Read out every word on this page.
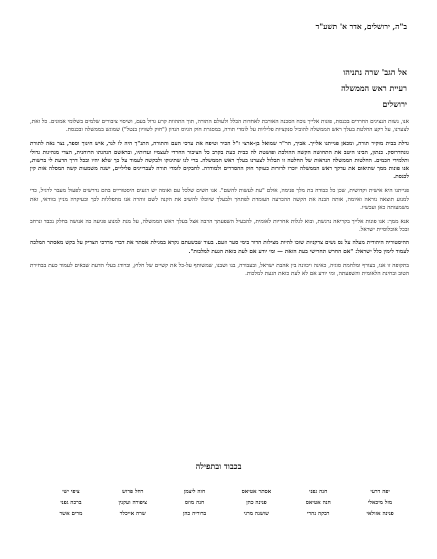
ב"ה, ירושלים, אדר א' תשע"ד
אל הגב' שרה נתניהו
רעיית ראש הממשלה
ירושלים

אנו, נשות הנציגים החרדים בכנסת, פונות אלייך נוכח הסכנה האורבת לאחדות הכלל ולעולם התורה, תוך התהוות קרע גדול בעם, ושיסוי ציבורים שלמים בשלומי אמונים. כל זאת, לצערנו, על רקע החלטת בעלך ראש הממשלה להוביל סנקציות פליליות על לומדי תורה, במסגרת חוק הגיוס הנדון ("חוק לשוויון בנטל") שמוגש בממשלה ובכנסת.

גדלת בבית מוקיר תורה, ומכאן פנייתנו אלייך. אביך, הר"ר שמואל בן-ארצי ז"ל הכיר וטיפח את ערכי העם והתורה, התנ"ך היה לו לנר, איש חינוך וספר, נצר נאה לתורת גונהדרוסק. כנתון, הבינו היטב את התחושה הקשה ההולכת ופושטת לה כבית כעת בקרב כל הציבור החרדי לעצמיו ועדותיו, ובראשם הנהגתו הרוחנית, הצדי מנהיגות גדולי ותלמידי חכמים. החלטות הממשלה הנראות של החלטה זו תכלול לצערנו בעלך ראש הממשלה. ברי לנו שתינוקו ולבקשה לעמוד על כך שלא יהיו ובכל דרך הדעת לי ברשות, אנו פונות ממך שתיאום את עדקך ראש הממשלה יוכרו לדורות כעוקר חוק ההסדרים ולמודדה. לחבקים לומדי תורה לעבריינים פליליים, ישנה משמעות קשה המסלה אות קין לכנסת.

פנייתנו היא אישית וקדושית, שכן כל כבודה בת מלך פנימה, אולם "עת לעשות להשם". אנו חשים שלכל עם ואומה יש רגעים היסטוריים בהם נדרשים לפעול מעבר לרגיל, כדי למנוע תוצאה נוראה ואיומה, אותה הבנה את הקשה ההכרעה העומדת לפתחך ולבעלך שיוכלו להשיב את הקנה לשם זוהרה אנו מתפללות לכך ובעיקרה מניין בוודאי, זאת משמעותה כאן ועכשיו.

אנא ממך: אנו פונות אלייך בקריאה נרגשת, ובוא לגלות אחריות לאומית, להבעיל השפעתך הרבה אצל בעלך ראש הממשלה, על מנת למנוע פגיעה כה אנושה בחלק נכבד ונרחב ובכל אוכלוסיית ישראל.

ההיסטוריה היהודית מעלה על נס נשים צדקניות שזכו להיות מצילות הדור בימי סער וזעם. בעוד שבשעתם נקרא במגילת אסתר את דברי מרדכי הצדיק על בקש מאסתר המלכה לעמוד לימין כלל ישראל: "אם החרש תחרישי בעת הזאת — ומי יודע אם לעת כזאת הגעת למלכות".

בתקופה זו אנו, בעורף ומלחמת סוגיה, כאינה ויכוונה בין אהבת ישראל, ובעבורה, בנו ושבנו, שמשותף על-כל את קשיים של חלוץ, וברודג בעלי הדעת שבאים לעמוד כעת בבחירת הטוב ובחינת הלאומית והשפעתה, ומי יודע אם לא לעת כזאת הגעת למלכות.

בכבוד ובתפילה
יפה דרעי
חנה גפני
אסתר אטיאס
חוה ליצמן
רחל פרוש
ציפי ישי
מזל מיכאלי
חנה אטיאס
פנינה כהן
חנה מוזס
ציפורה ועקנין
ברכה גפני
פנינה אזולאי
רבקה נהרי
שושנה מרגי
ברוריה כהן
שרה אייכלר
מרים אשר
